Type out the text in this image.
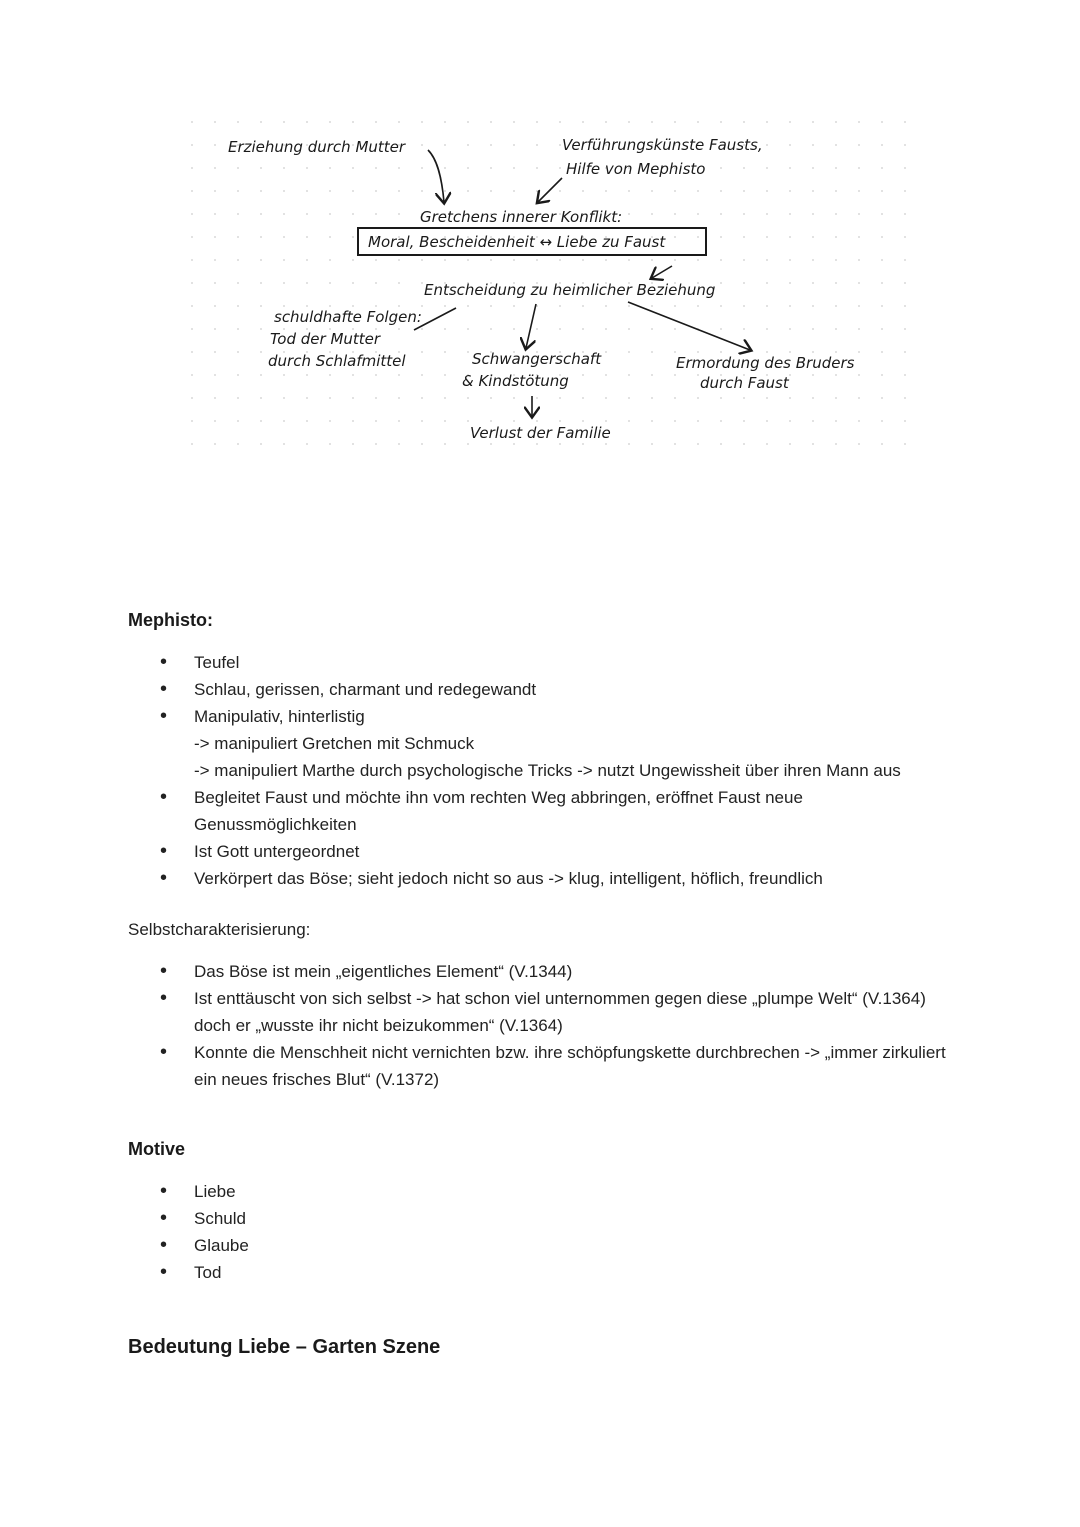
Erziehung durch Mutter	Verführungskünste Fausts,
Hilfe von Mephisto
Gretchens innerer Konflikt:
Moral, Bescheidenheit ↔ Liebe zu Faust
Entscheidung zu heimlicher Beziehung
schuldhafte Folgen:
Tod der Mutter
durch Schlafmittel	Schwangerschaft
& Kindstötung
Ermordung des Bruders
durch Faust
Verlust der Familie
Mephisto:
• Teufel
• Schlau, gerissen, charmant und redegewandt
• Manipulativ, hinterlistig
-> manipuliert Gretchen mit Schmuck
-> manipuliert Marthe durch psychologische Tricks -> nutzt Ungewissheit über ihren Mann aus
• Begleitet Faust und möchte ihn vom rechten Weg abbringen, eröffnet Faust neue Genussmöglichkeiten
• Ist Gott untergeordnet
• Verkörpert das Böse; sieht jedoch nicht so aus -> klug, intelligent, höflich, freundlich

Selbstcharakterisierung:

• Das Böse ist mein „eigentliches Element“ (V.1344)
• Ist enttäuscht von sich selbst -> hat schon viel unternommen gegen diese „plumpe Welt“ (V.1364) doch er „wusste ihr nicht beizukommen“ (V.1364)
• Konnte die Menschheit nicht vernichten bzw. ihre schöpfungskette durchbrechen -> „immer zirkuliert ein neues frisches Blut“ (V.1372)
Motive
• Liebe
• Schuld
• Glaube
• Tod
Bedeutung Liebe – Garten Szene
